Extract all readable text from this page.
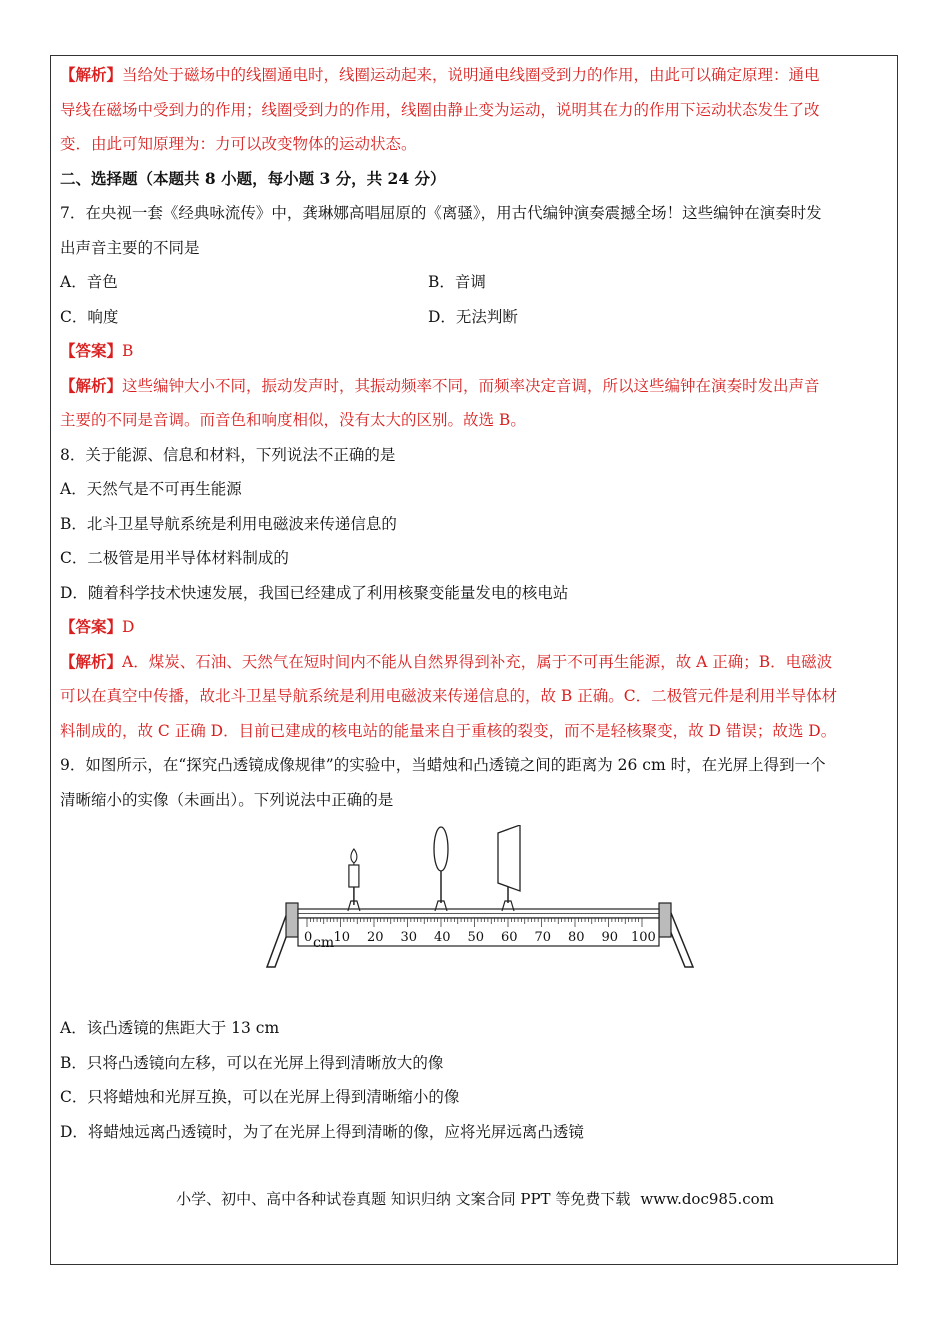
【解析】当给处于磁场中的线圈通电时，线圈运动起来，说明通电线圈受到力的作用，由此可以确定原理：通电
导线在磁场中受到力的作用；线圈受到力的作用，线圈由静止变为运动，说明其在力的作用下运动状态发生了改
变．由此可知原理为：力可以改变物体的运动状态。
二、选择题（本题共 8 小题，每小题 3 分，共 24 分）
7．在央视一套《经典咏流传》中，龚琳娜高唱屈原的《离骚》，用古代编钟演奏震撼全场！这些编钟在演奏时发
出声音主要的不同是
A．音色	B．音调
C．响度	D．无法判断
【答案】B
【解析】这些编钟大小不同，振动发声时，其振动频率不同，而频率决定音调，所以这些编钟在演奏时发出声音
主要的不同是音调。而音色和响度相似，没有太大的区别。故选 B。
8．关于能源、信息和材料，下列说法不正确的是
A．天然气是不可再生能源
B．北斗卫星导航系统是利用电磁波来传递信息的
C．二极管是用半导体材料制成的
D．随着科学技术快速发展，我国已经建成了利用核聚变能量发电的核电站
【答案】D
【解析】A．煤炭、石油、天然气在短时间内不能从自然界得到补充，属于不可再生能源，故 A 正确；B．电磁波
可以在真空中传播，故北斗卫星导航系统是利用电磁波来传递信息的，故 B 正确。C．二极管元件是利用半导体材
料制成的，故 C 正确 D．目前已建成的核电站的能量来自于重核的裂变，而不是轻核聚变，故 D 错误；故选 D。
9．如图所示，在“探究凸透镜成像规律”的实验中，当蜡烛和凸透镜之间的距离为 26 cm 时，在光屏上得到一个
清晰缩小的实像（未画出）。下列说法中正确的是
0 10 20 30 40 50 60 70 80 90 100
cm
A．该凸透镜的焦距大于 13 cm
B．只将凸透镜向左移，可以在光屏上得到清晰放大的像
C．只将蜡烛和光屏互换，可以在光屏上得到清晰缩小的像
D．将蜡烛远离凸透镜时，为了在光屏上得到清晰的像，应将光屏远离凸透镜
小学、初中、高中各种试卷真题 知识归纳 文案合同 PPT 等免费下载 www.doc985.com
